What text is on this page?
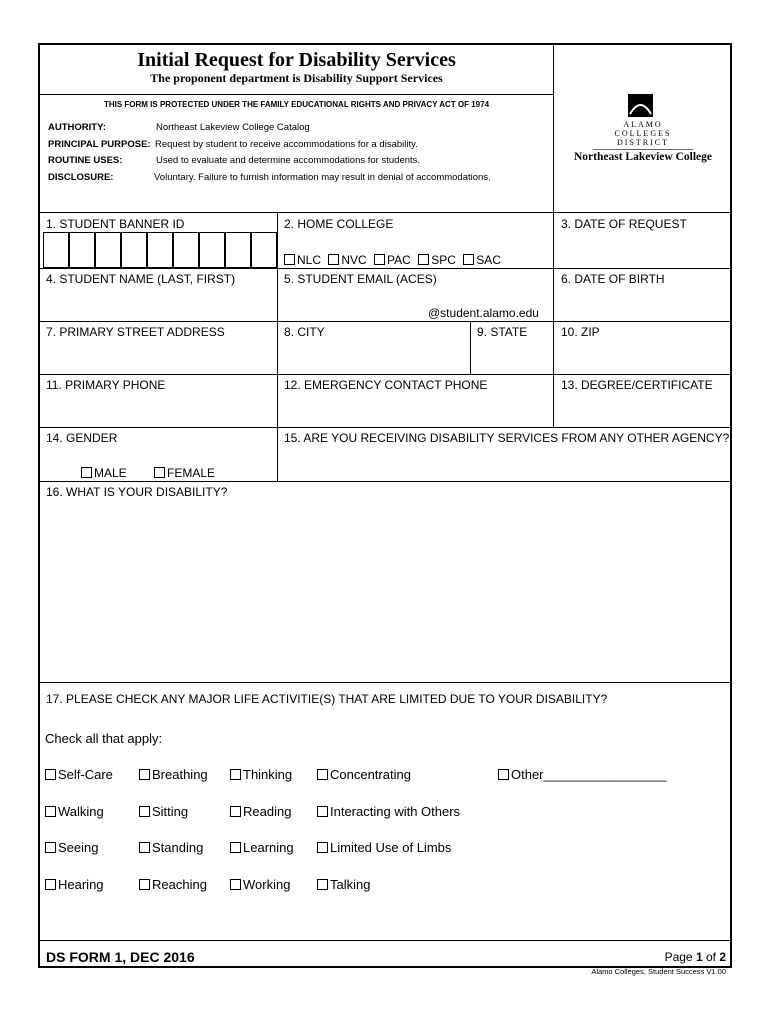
Initial Request for Disability Services
The proponent department is Disability Support Services
THIS FORM IS PROTECTED UNDER THE FAMILY EDUCATIONAL RIGHTS AND PRIVACY ACT OF 1974
AUTHORITY:	Northeast Lakeview College Catalog
PRINCIPAL PURPOSE: Request by student to receive accommodations for a disability.
ROUTINE USES:	Used to evaluate and determine accommodations for students.
DISCLOSURE:	Voluntary. Failure to furnish information may result in denial of accommodations.
ALAMO
COLLEGES
DISTRICT
Northeast Lakeview College
1. STUDENT BANNER ID	2. HOME COLLEGE	3. DATE OF REQUEST
NLC NVC PAC SPC SAC
4. STUDENT NAME (LAST, FIRST)	5. STUDENT EMAIL (ACES)
@student.alamo.edu
6. DATE OF BIRTH
7. PRIMARY STREET ADDRESS	8. CITY	9. STATE	10. ZIP
11. PRIMARY PHONE	12. EMERGENCY CONTACT PHONE	13. DEGREE/CERTIFICATE
14. GENDER
MALE	FEMALE
15. ARE YOU RECEIVING DISABILITY SERVICES FROM ANY OTHER AGENCY?
16. WHAT IS YOUR DISABILITY?
17. PLEASE CHECK ANY MAJOR LIFE ACTIVITIE(S) THAT ARE LIMITED DUE TO YOUR DISABILITY?
Check all that apply:
Self-Care	Breathing	Thinking	Concentrating	Other_________________
Walking	Sitting	Reading	Interacting with Others
Seeing	Standing	Learning	Limited Use of Limbs
Hearing	Reaching	Working	Talking
DS FORM 1, DEC 2016	Page 1 of 2
Alamo Colleges, Student Success V1.00
